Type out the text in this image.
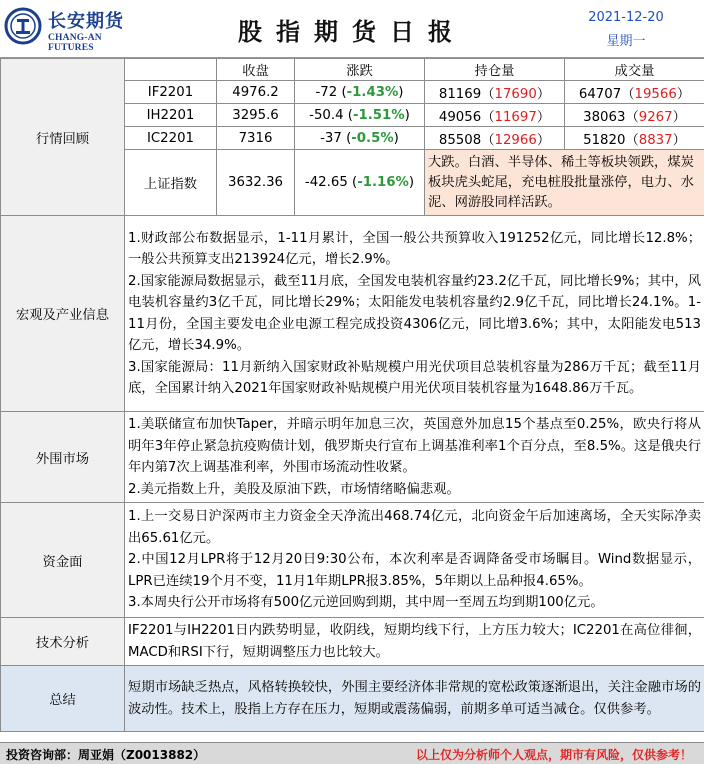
长安期货
CHANG-AN FUTURES
股指期货日报
2021-12-20
星期一
行情回顾		收盘	涨跌	持仓量	成交量
	IF2201	4976.2	-72 (-1.43%)	81169（17690）	64707（19566）
	IH2201	3295.6	-50.4 (-1.51%)	49056（11697）	38063（9267）
	IC2201	7316	-37 (-0.5%)	85508（12966）	51820（8837）
	上证指数	3632.36	-42.65 (-1.16%)	大跌。白酒、半导体、稀土等板块领跌，煤炭板块虎头蛇尾，充电桩股批量涨停，电力、水泥、网游股同样活跃。	
宏观及产业信息	1.财政部公布数据显示，1-11月累计，全国一般公共预算收入191252亿元，同比增长12.8%；一般公共预算支出213924亿元，增长2.9%。
2.国家能源局数据显示，截至11月底，全国发电装机容量约23.2亿千瓦，同比增长9%；其中，风电装机容量约3亿千瓦，同比增长29%；太阳能发电装机容量约2.9亿千瓦，同比增长24.1%。1-11月份，全国主要发电企业电源工程完成投资4306亿元，同比增3.6%；其中，太阳能发电513亿元，增长34.9%。
3.国家能源局：11月新纳入国家财政补贴规模户用光伏项目总装机容量为286万千瓦；截至11月底，全国累计纳入2021年国家财政补贴规模户用光伏项目装机容量为1648.86万千瓦。				
外围市场	1.美联储宣布加快Taper，并暗示明年加息三次，英国意外加息15个基点至0.25%，欧央行将从明年3年停止紧急抗疫购债计划，俄罗斯央行宣布上调基准利率1个百分点，至8.5%。这是俄央行年内第7次上调基准利率，外围市场流动性收紧。
2.美元指数上升，美股及原油下跌，市场情绪略偏悲观。				
资金面	1.上一交易日沪深两市主力资金全天净流出468.74亿元，北向资金午后加速离场，全天实际净卖出65.61亿元。
2.中国12月LPR将于12月20日9:30公布，本次利率是否调降备受市场瞩目。Wind数据显示，LPR已连续19个月不变，11月1年期LPR报3.85%，5年期以上品种报4.65%。
3.本周央行公开市场将有500亿元逆回购到期，其中周一至周五均到期100亿元。				
技术分析	IF2201与IH2201日内跌势明显，收阴线，短期均线下行，上方压力较大；IC2201在高位徘徊，MACD和RSI下行，短期调整压力也比较大。				
总结	短期市场缺乏热点，风格转换较快，外围主要经济体非常规的宽松政策逐渐退出，关注金融市场的波动性。技术上，股指上方存在压力，短期或震荡偏弱，前期多单可适当减仓。仅供参考。				
投资咨询部：周亚娟（Z0013882）	以上仅为分析师个人观点，期市有风险，仅供参考！
